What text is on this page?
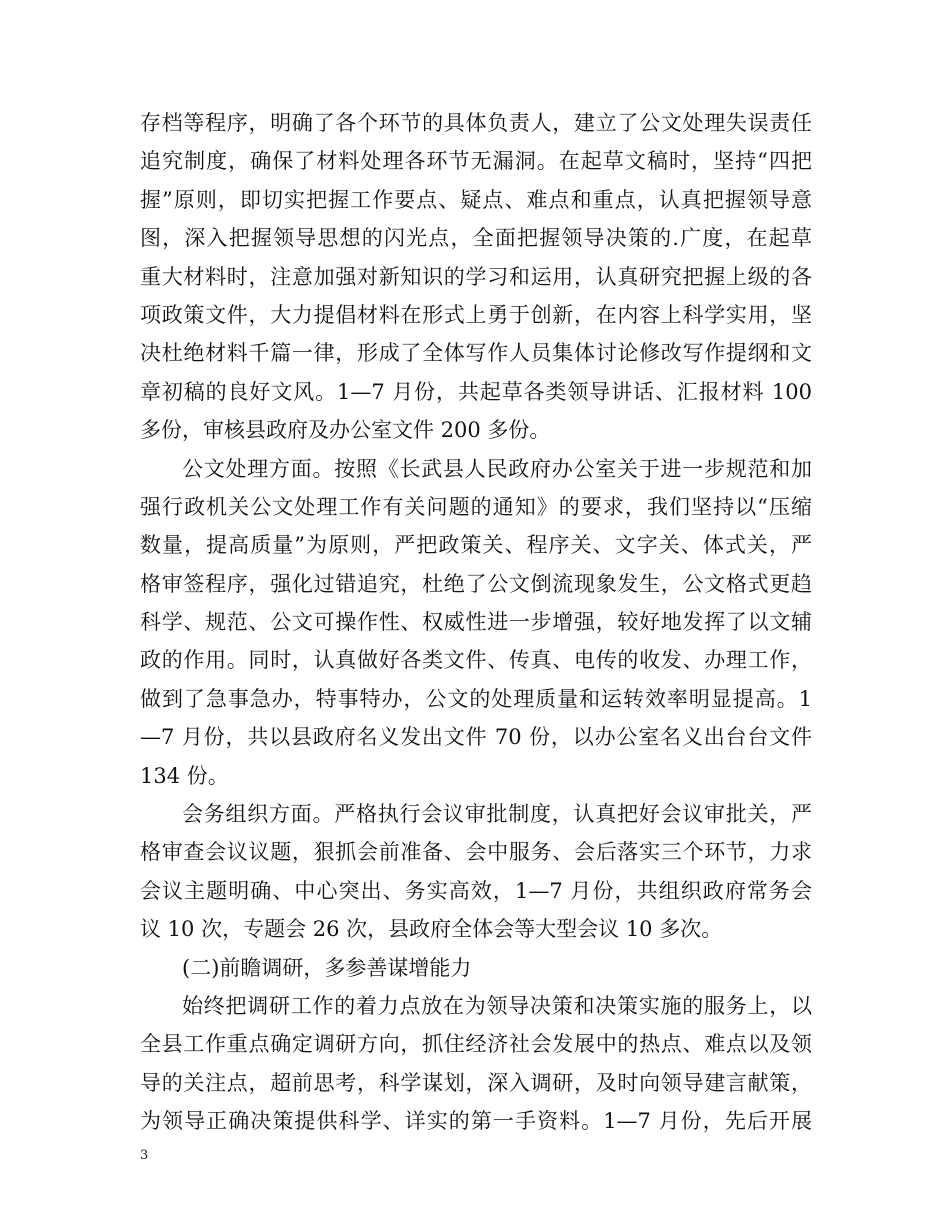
存档等程序，明确了各个环节的具体负责人，建立了公文处理失误责任
追究制度，确保了材料处理各环节无漏洞。在起草文稿时，坚持“四把
握”原则，即切实把握工作要点、疑点、难点和重点，认真把握领导意
图，深入把握领导思想的闪光点，全面把握领导决策的.广度，在起草
重大材料时，注意加强对新知识的学习和运用，认真研究把握上级的各
项政策文件，大力提倡材料在形式上勇于创新，在内容上科学实用，坚
决杜绝材料千篇一律，形成了全体写作人员集体讨论修改写作提纲和文
章初稿的良好文风。1—7 月份，共起草各类领导讲话、汇报材料 100
多份，审核县政府及办公室文件 200 多份。
公文处理方面。按照《长武县人民政府办公室关于进一步规范和加
强行政机关公文处理工作有关问题的通知》的要求，我们坚持以“压缩
数量，提高质量”为原则，严把政策关、程序关、文字关、体式关，严
格审签程序，强化过错追究，杜绝了公文倒流现象发生，公文格式更趋
科学、规范、公文可操作性、权威性进一步增强，较好地发挥了以文辅
政的作用。同时，认真做好各类文件、传真、电传的收发、办理工作，
做到了急事急办，特事特办，公文的处理质量和运转效率明显提高。1
—7 月份，共以县政府名义发出文件 70 份，以办公室名义出台台文件
134 份。
会务组织方面。严格执行会议审批制度，认真把好会议审批关，严
格审查会议议题，狠抓会前准备、会中服务、会后落实三个环节，力求
会议主题明确、中心突出、务实高效，1—7 月份，共组织政府常务会
议 10 次，专题会 26 次，县政府全体会等大型会议 10 多次。
(二)前瞻调研，多参善谋增能力
始终把调研工作的着力点放在为领导决策和决策实施的服务上，以
全县工作重点确定调研方向，抓住经济社会发展中的热点、难点以及领
导的关注点，超前思考，科学谋划，深入调研，及时向领导建言献策，
为领导正确决策提供科学、详实的第一手资料。1—7 月份，先后开展
3
